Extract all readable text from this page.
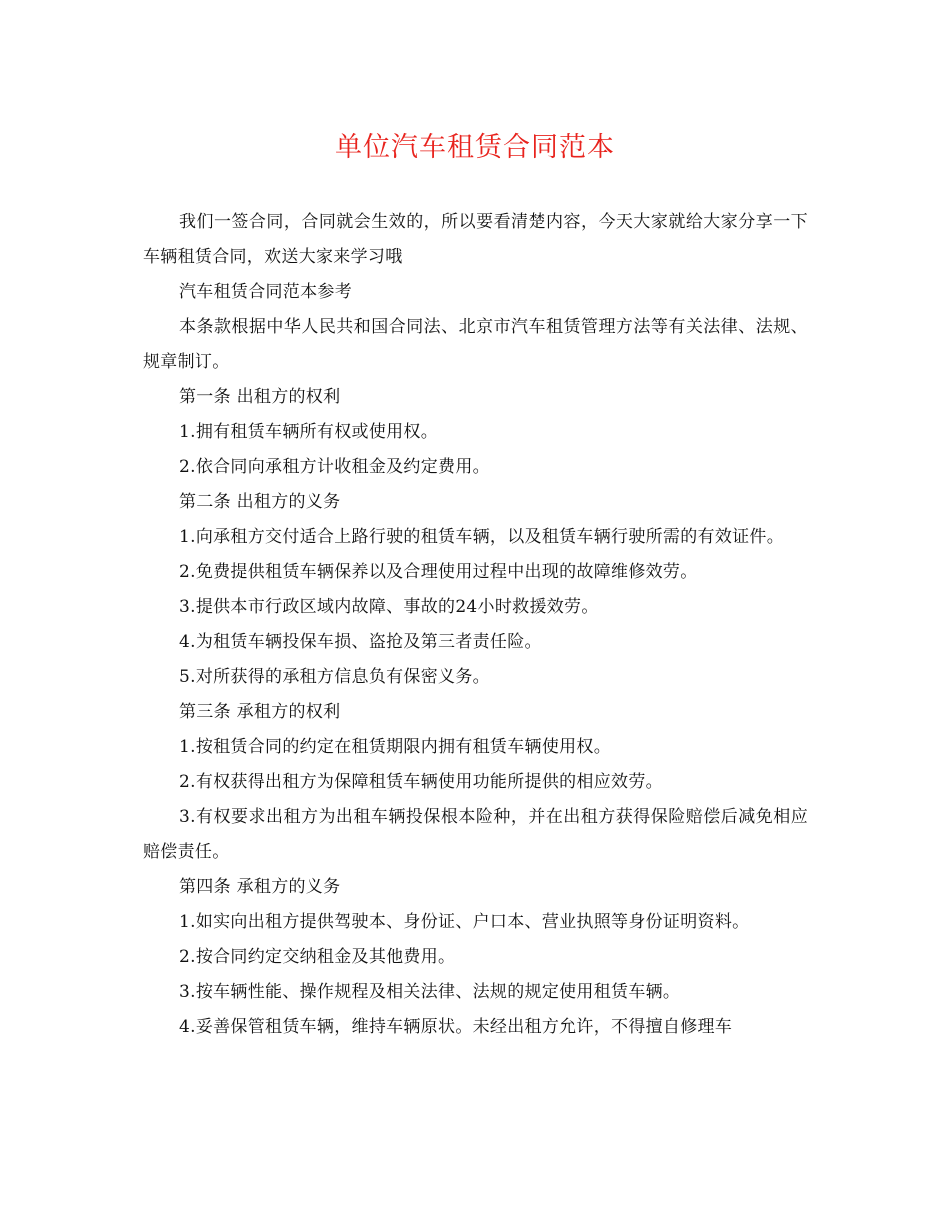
单位汽车租赁合同范本

我们一签合同，合同就会生效的，所以要看清楚内容，今天大家就给大家分享一下车辆租赁合同，欢送大家来学习哦

汽车租赁合同范本参考

本条款根据中华人民共和国合同法、北京市汽车租赁管理方法等有关法律、法规、规章制订。

第一条 出租方的权利

1.拥有租赁车辆所有权或使用权。

2.依合同向承租方计收租金及约定费用。

第二条 出租方的义务

1.向承租方交付适合上路行驶的租赁车辆，以及租赁车辆行驶所需的有效证件。

2.免费提供租赁车辆保养以及合理使用过程中出现的故障维修效劳。

3.提供本市行政区域内故障、事故的24小时救援效劳。

4.为租赁车辆投保车损、盗抢及第三者责任险。

5.对所获得的承租方信息负有保密义务。

第三条 承租方的权利

1.按租赁合同的约定在租赁期限内拥有租赁车辆使用权。

2.有权获得出租方为保障租赁车辆使用功能所提供的相应效劳。

3.有权要求出租方为出租车辆投保根本险种，并在出租方获得保险赔偿后减免相应赔偿责任。

第四条 承租方的义务

1.如实向出租方提供驾驶本、身份证、户口本、营业执照等身份证明资料。

2.按合同约定交纳租金及其他费用。

3.按车辆性能、操作规程及相关法律、法规的规定使用租赁车辆。

4.妥善保管租赁车辆，维持车辆原状。未经出租方允许，不得擅自修理车
